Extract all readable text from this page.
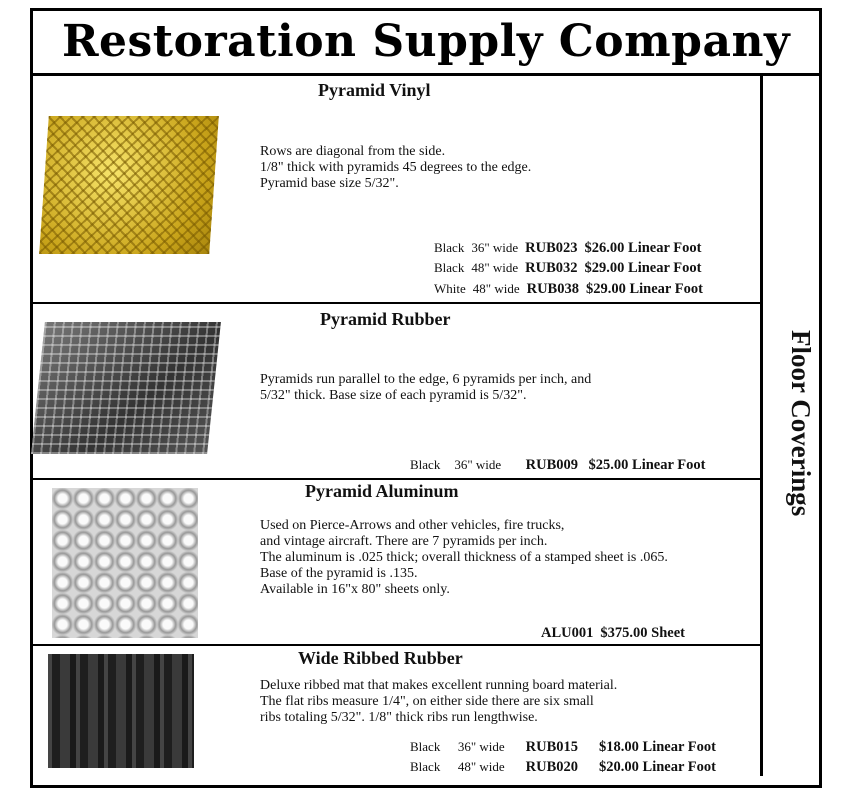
Restoration Supply Company
Floor Coverings
Pyramid Vinyl
Rows are diagonal from the side.
1/8" thick with pyramids 45 degrees to the edge.
Pyramid base size 5/32".
Black 36" wide RUB023 $26.00 Linear Foot
Black 48" wide RUB032 $29.00 Linear Foot
White 48" wide RUB038 $29.00 Linear Foot
Pyramid Rubber
Pyramids run parallel to the edge, 6 pyramids per inch, and
5/32" thick. Base size of each pyramid is 5/32".
Black 36" wide RUB009 $25.00 Linear Foot
Pyramid Aluminum
Used on Pierce-Arrows and other vehicles, fire trucks,
and vintage aircraft. There are 7 pyramids per inch.
The aluminum is .025 thick; overall thickness of a stamped sheet is .065.
Base of the pyramid is .135.
Available in 16"x 80" sheets only.
ALU001 $375.00 Sheet
Wide Ribbed Rubber
Deluxe ribbed mat that makes excellent running board material.
The flat ribs measure 1/4", on either side there are six small
ribs totaling 5/32". 1/8" thick ribs run lengthwise.
Black 36" wide RUB015 $18.00 Linear Foot
Black 48" wide RUB020 $20.00 Linear Foot
